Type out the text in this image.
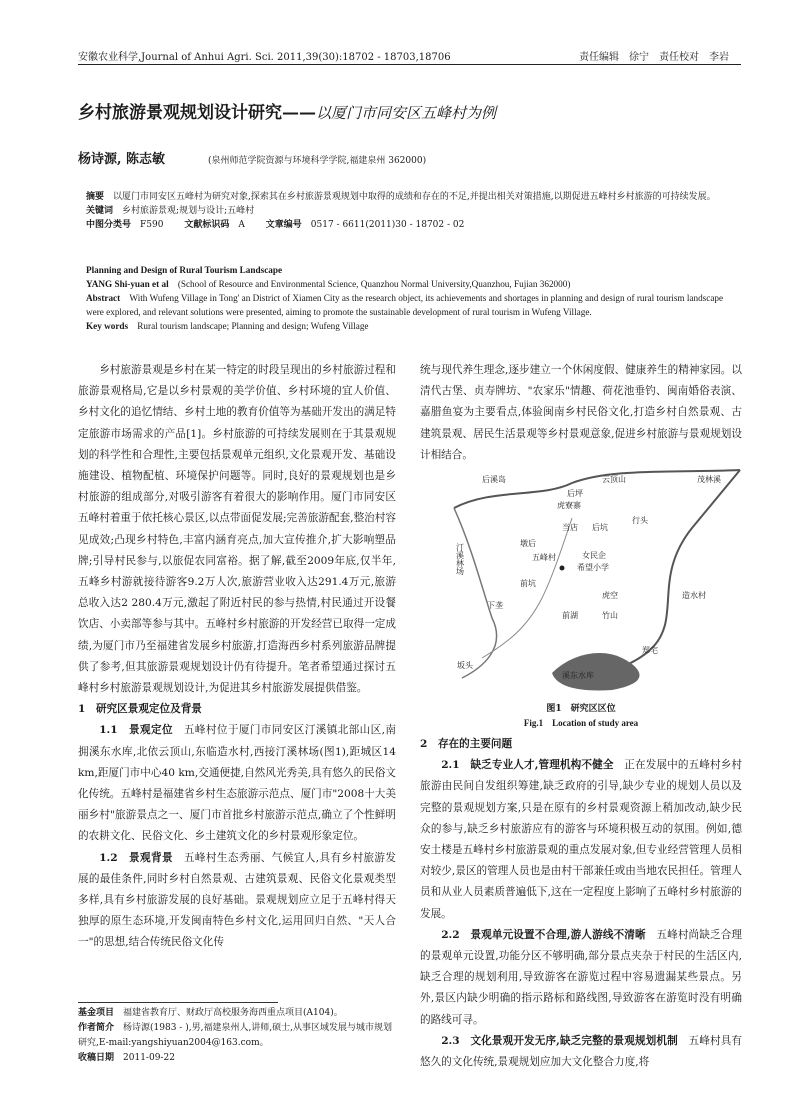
安徽农业科学,Journal of Anhui Agri. Sci. 2011,39(30):18702 - 18703,18706	责任编辑　徐宁　责任校对　李岩
乡村旅游景观规划设计研究——以厦门市同安区五峰村为例
杨诗源, 陈志敏	(泉州师范学院资源与环境科学学院,福建泉州 362000)

摘要　 以厦门市同安区五峰村为研究对象,探索其在乡村旅游景观规划中取得的成绩和存在的不足,并提出相关对策措施,以期促进五峰村乡村旅游的可持续发展。

关键词　 乡村旅游景观;规划与设计;五峰村

中图分类号　 F590    文献标识码　 A    文章编号　 0517 - 6611(2011)30 - 18702 - 02

Planning and Design of Rural Tourism Landscape

YANG Shi-yuan et al　 (School of Resource and Environmental Science, Quanzhou Normal University,Quanzhou, Fujian 362000)

Abstract　 With Wufeng Village in Tong' an District of Xiamen City as the research object, its achievements and shortages in planning and design of rural tourism landscape were explored, and relevant solutions were presented, aiming to promote the sustainable development of rural tourism in Wufeng Village.

Key words　 Rural tourism landscape; Planning and design; Wufeng Village

乡村旅游景观是乡村在某一特定的时段呈现出的乡村旅游过程和旅游景观格局,它是以乡村景观的美学价值、乡村环境的宜人价值、乡村文化的追忆情结、乡村土地的教育价值等为基础开发出的满足特定旅游市场需求的产品[1]。乡村旅游的可持续发展则在于其景观规划的科学性和合理性,主要包括景观单元组织,文化景观开发、基础设施建设、植物配植、环境保护问题等。同时,良好的景观规划也是乡村旅游的组成部分,对吸引游客有着很大的影响作用。厦门市同安区五峰村着重于依托核心景区,以点带面促发展;完善旅游配套,整治村容见成效;凸现乡村特色,丰富内涵育亮点,加大宣传推介,扩大影响塑品牌;引导村民参与,以旅促农同富裕。据了解,截至2009年底,仅半年,五峰乡村游就接待游客9.2万人次,旅游营业收入达291.4万元,旅游总收入达2 280.4万元,激起了附近村民的参与热情,村民通过开设餐饮店、小卖部等参与其中。五峰村乡村旅游的开发经营已取得一定成绩,为厦门市乃至福建省发展乡村旅游,打造海西乡村系列旅游品牌提供了参考,但其旅游景观规划设计仍有待提升。笔者希望通过探讨五峰村乡村旅游景观规划设计,为促进其乡村旅游发展提供借鉴。

1　研究区景观定位及背景

1.1　景观定位　 五峰村位于厦门市同安区汀溪镇北部山区,南拥溪东水库,北依云顶山,东临造水村,西接汀溪林场(图1),距城区14 km,距厦门市中心40 km,交通便捷,自然风光秀美,具有悠久的民俗文化传统。五峰村是福建省乡村生态旅游示范点、厦门市"2008十大美丽乡村"旅游景点之一、厦门市首批乡村旅游示范点,确立了个性鲜明的农耕文化、民俗文化、乡土建筑文化的乡村景观形象定位。

1.2　景观背景　 五峰村生态秀丽、气候宜人,具有乡村旅游发展的最佳条件,同时乡村自然景观、古建筑景观、民俗文化景观类型多样,具有乡村旅游发展的良好基础。景观规划应立足于五峰村得天独厚的原生态环境,开发闽南特色乡村文化,运用回归自然、"天人合一"的思想,结合传统民俗文化传

统与现代养生理念,逐步建立一个休闲度假、健康养生的精神家园。以清代古堡、贞寿牌坊、"农家乐"情趣、荷花池垂钓、闽南婚俗表演、嘉腊鱼宴为主要看点,体验闽南乡村民俗文化,打造乡村自然景观、古建筑景观、居民生活景观等乡村景观意象,促进乡村旅游与景观规划设计相结合。

图1　研究区区位
Fig.1　Location of study area

2　存在的主要问题

2.1　缺乏专业人才,管理机构不健全　 正在发展中的五峰村乡村旅游由民间自发组织筹建,缺乏政府的引导,缺少专业的规划人员以及完整的景观规划方案,只是在原有的乡村景观资源上稍加改动,缺少民众的参与,缺乏乡村旅游应有的游客与环境积极互动的氛围。例如,德安土楼是五峰村乡村旅游景观的重点发展对象,但专业经营管理人员相对较少,景区的管理人员也是由村干部兼任或由当地农民担任。管理人员和从业人员素质普遍低下,这在一定程度上影响了五峰村乡村旅游的发展。

2.2　景观单元设置不合理,游人游线不清晰　 五峰村尚缺乏合理的景观单元设置,功能分区不够明确,部分景点夹杂于村民的生活区内,缺乏合理的规划利用,导致游客在游览过程中容易遗漏某些景点。另外,景区内缺少明确的指示路标和路线图,导致游客在游览时没有明确的路线可寻。

2.3　文化景观开发无序,缺乏完整的景观规划机制　 五峰村具有悠久的文化传统,景观规划应加大文化整合力度,将

后溪岛	云顶山	茂林溪
后坪
虎寮寨
汀溪林场
行头
当店 后坑
墩后
五峰村	女民企
希望小学
前坑
下垄
虎空	造水村
前湖	竹山
坂头
郑宅
溪东水库

基金项目　 福建省教育厅、财政厅高校服务海西重点项目(A104)。

作者简介　 杨诗源(1983 - ),男,福建泉州人,讲师,硕士,从事区域发展与城市规划研究,E-mail:yangshiyuan2004@163.com。

收稿日期　 2011-09-22
